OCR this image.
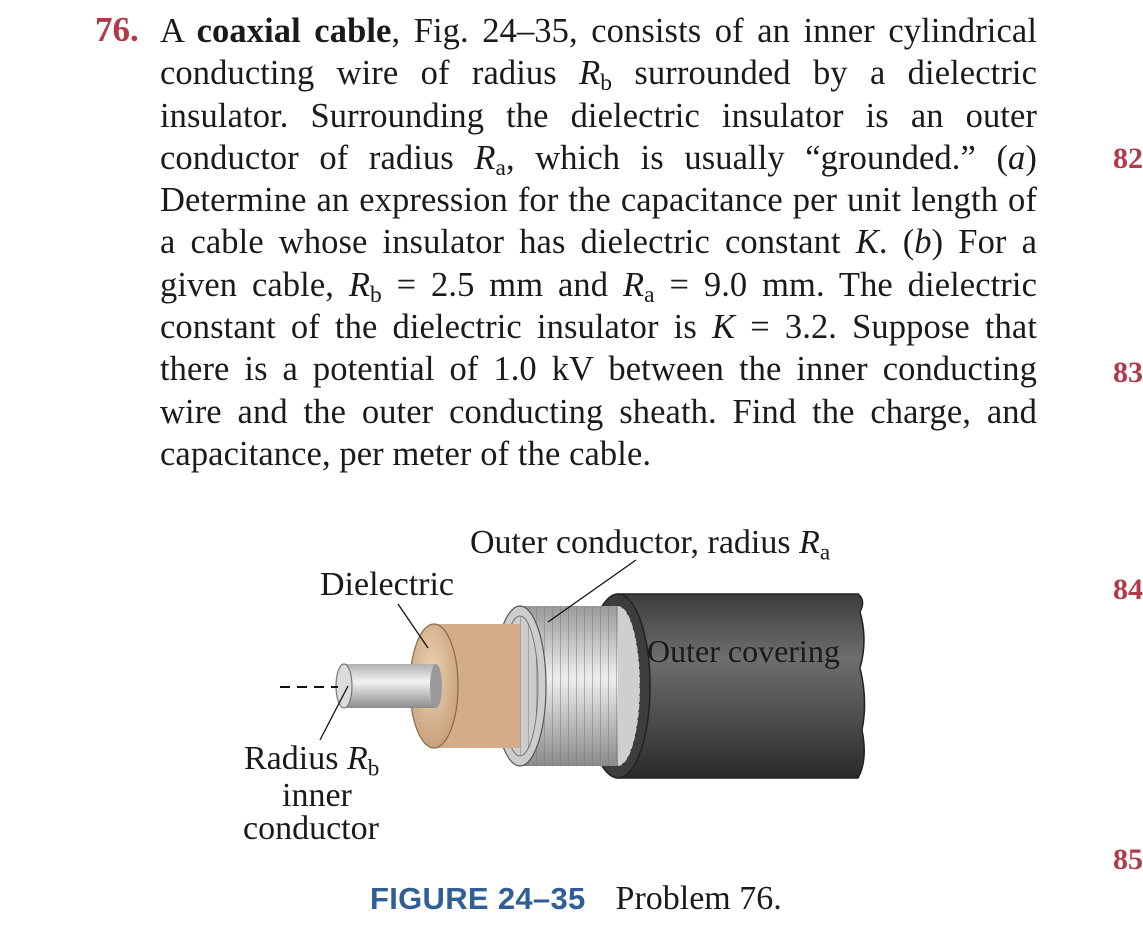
76. A coaxial cable, Fig. 24–35, consists of an inner cylindrical conducting wire of radius $R_b$ surrounded by a dielectric insulator. Surrounding the dielectric insulator is an outer conductor of radius $R_a$, which is usually “grounded.” (a) Determine an expression for the capacitance per unit length of a cable whose insulator has dielectric constant K. (b) For a given cable, $R_b = 2.5$ mm and $R_a = 9.0$ mm. The dielectric constant of the dielectric insulator is K = 3.2. Suppose that there is a potential of 1.0 kV between the inner conducting wire and the outer conducting sheath. Find the charge, and capacitance, per meter of the cable.
82
83
84
85
Outer conductor, radius $R_a$
Dielectric
Outer covering
Radius $R_b$
inner
conductor
FIGURE 24–35 Problem 76.
